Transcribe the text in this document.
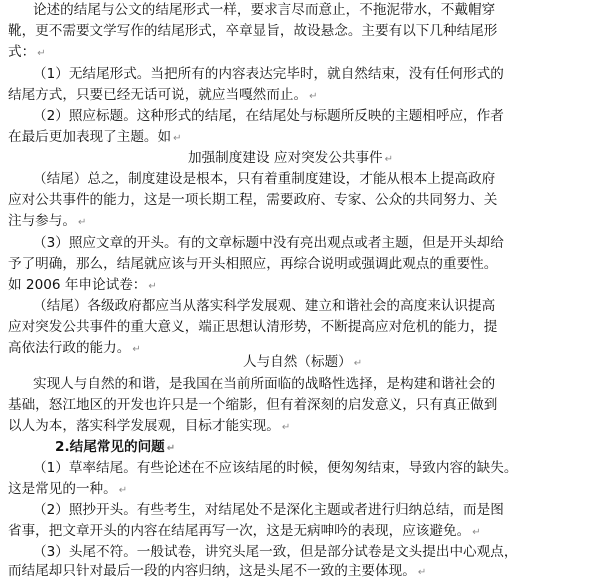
论述的结尾与公文的结尾形式一样，要求言尽而意止，不拖泥带水，不戴帽穿
靴，更不需要文学写作的结尾形式，卒章显旨，故设悬念。主要有以下几种结尾形
式： ↵
（1）无结尾形式。当把所有的内容表达完毕时，就自然结束，没有任何形式的
结尾方式，只要已经无话可说，就应当嘎然而止。 ↵
（2）照应标题。这种形式的结尾，在结尾处与标题所反映的主题相呼应，作者
在最后更加表现了主题。如 ↵
加强制度建设 应对突发公共事件 ↵
（结尾）总之，制度建设是根本，只有着重制度建设，才能从根本上提高政府
应对公共事件的能力，这是一项长期工程，需要政府、专家、公众的共同努力、关
注与参与。 ↵
（3）照应文章的开头。有的文章标题中没有亮出观点或者主题，但是开头却给
予了明确，那么，结尾就应该与开头相照应，再综合说明或强调此观点的重要性。
如 2006 年申论试卷： ↵
（结尾）各级政府都应当从落实科学发展观、建立和谐社会的高度来认识提高
应对突发公共事件的重大意义，端正思想认清形势，不断提高应对危机的能力，提
高依法行政的能力。 ↵
人与自然（标题） ↵
实现人与自然的和谐，是我国在当前所面临的战略性选择，是构建和谐社会的
基础，怒江地区的开发也许只是一个缩影，但有着深刻的启发意义，只有真正做到
以人为本，落实科学发展观，目标才能实现。 ↵
2.结尾常见的问题 ↵
（1）草率结尾。有些论述在不应该结尾的时候，便匆匆结束，导致内容的缺失。
这是常见的一种。 ↵
（2）照抄开头。有些考生，对结尾处不是深化主题或者进行归纳总结，而是图
省事，把文章开头的内容在结尾再写一次，这是无病呻吟的表现，应该避免。 ↵
（3）头尾不符。一般试卷，讲究头尾一致，但是部分试卷是文头提出中心观点，
而结尾却只针对最后一段的内容归纳，这是头尾不一致的主要体现。 ↵
